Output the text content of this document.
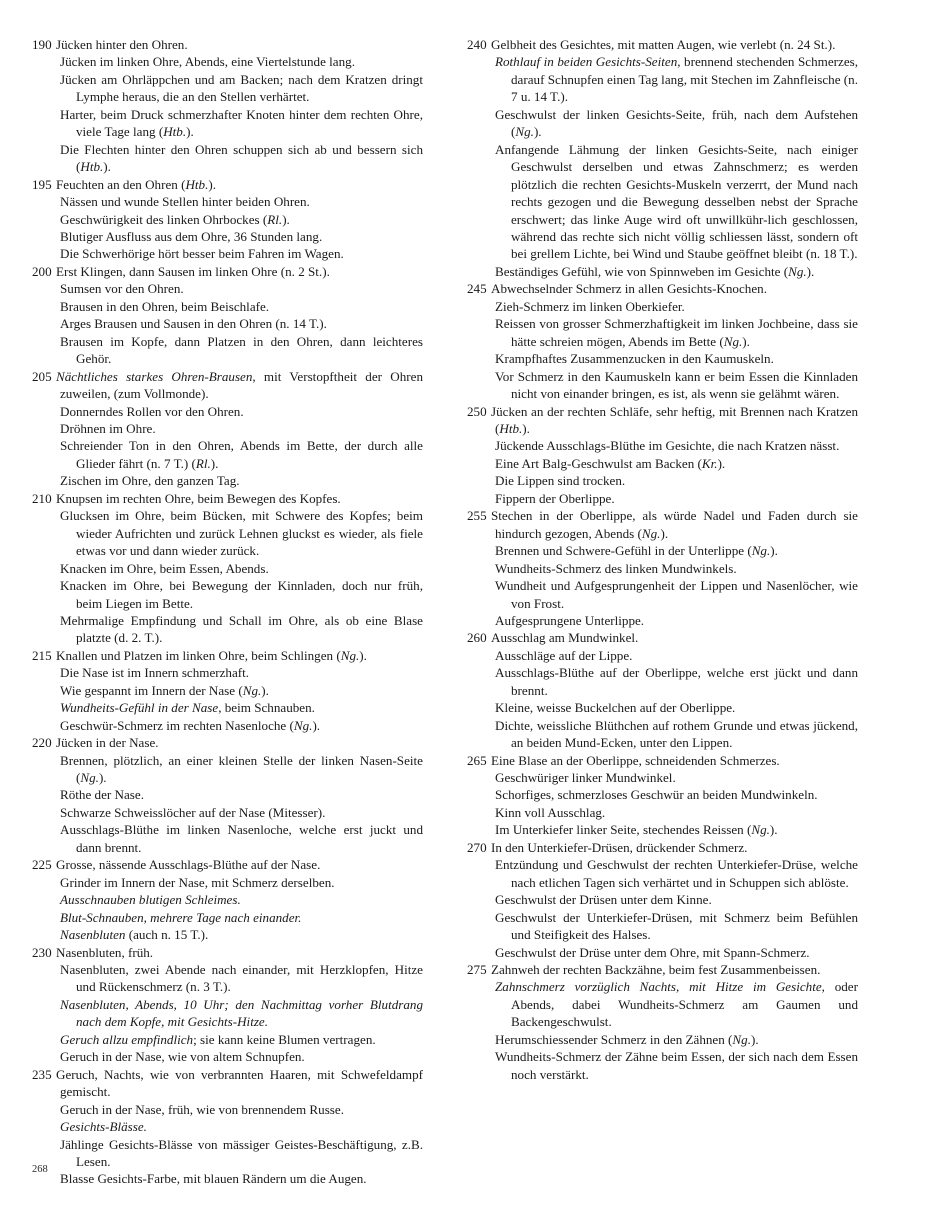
190 Jücken hinter den Ohren.

Jücken im linken Ohre, Abends, eine Viertelstunde lang.

Jücken am Ohrläppchen und am Backen; nach dem Kratzen dringt Lymphe heraus, die an den Stellen verhärtet.

Harter, beim Druck schmerzhafter Knoten hinter dem rechten Ohre, viele Tage lang (Htb.).

Die Flechten hinter den Ohren schuppen sich ab und bessern sich (Htb.).

195 Feuchten an den Ohren (Htb.).

Nässen und wunde Stellen hinter beiden Ohren.

Geschwürigkeit des linken Ohrbockes (Rl.).

Blutiger Ausfluss aus dem Ohre, 36 Stunden lang.

Die Schwerhörige hört besser beim Fahren im Wagen.

200 Erst Klingen, dann Sausen im linken Ohre (n. 2 St.).

Sumsen vor den Ohren.

Brausen in den Ohren, beim Beischlafe.

Arges Brausen und Sausen in den Ohren (n. 14 T.).

Brausen im Kopfe, dann Platzen in den Ohren, dann leichteres Gehör.

205 Nächtliches starkes Ohren-Brausen, mit Verstopftheit der Ohren zuweilen, (zum Vollmonde).

Donnerndes Rollen vor den Ohren.

Dröhnen im Ohre.

Schreiender Ton in den Ohren, Abends im Bette, der durch alle Glieder fährt (n. 7 T.) (Rl.).

Zischen im Ohre, den ganzen Tag.

210 Knupsen im rechten Ohre, beim Bewegen des Kopfes.

Glucksen im Ohre, beim Bücken, mit Schwere des Kopfes; beim wieder Aufrichten und zurück Lehnen gluckst es wieder, als fiele etwas vor und dann wieder zurück.

Knacken im Ohre, beim Essen, Abends.

Knacken im Ohre, bei Bewegung der Kinnladen, doch nur früh, beim Liegen im Bette.

Mehrmalige Empfindung und Schall im Ohre, als ob eine Blase platzte (d. 2. T.).

215 Knallen und Platzen im linken Ohre, beim Schlingen (Ng.).

Die Nase ist im Innern schmerzhaft.

Wie gespannt im Innern der Nase (Ng.).

Wundheits-Gefühl in der Nase, beim Schnauben.

Geschwür-Schmerz im rechten Nasenloche (Ng.).

220 Jücken in der Nase.

Brennen, plötzlich, an einer kleinen Stelle der linken Nasen-Seite (Ng.).

Röthe der Nase.

Schwarze Schweisslöcher auf der Nase (Mitesser).

Ausschlags-Blüthe im linken Nasenloche, welche erst juckt und dann brennt.

225 Grosse, nässende Ausschlags-Blüthe auf der Nase.

Grinder im Innern der Nase, mit Schmerz derselben.

Ausschnauben blutigen Schleimes.

Blut-Schnauben, mehrere Tage nach einander.

Nasenbluten (auch n. 15 T.).

230 Nasenbluten, früh.

Nasenbluten, zwei Abende nach einander, mit Herzklopfen, Hitze und Rückenschmerz (n. 3 T.).

Nasenbluten, Abends, 10 Uhr; den Nachmittag vorher Blutdrang nach dem Kopfe, mit Gesichts-Hitze.

Geruch allzu empfindlich; sie kann keine Blumen vertragen.

Geruch in der Nase, wie von altem Schnupfen.

235 Geruch, Nachts, wie von verbrannten Haaren, mit Schwefeldampf gemischt.

Geruch in der Nase, früh, wie von brennendem Russe.

Gesichts-Blässe.

Jählinge Gesichts-Blässe von mässiger Geistes-Beschäftigung, z.B. Lesen.

Blasse Gesichts-Farbe, mit blauen Rändern um die Augen.

240 Gelbheit des Gesichtes, mit matten Augen, wie verlebt (n. 24 St.).

Rothlauf in beiden Gesichts-Seiten, brennend stechenden Schmerzes, darauf Schnupfen einen Tag lang, mit Stechen im Zahnfleische (n. 7 u. 14 T.).

Geschwulst der linken Gesichts-Seite, früh, nach dem Aufstehen (Ng.).

Anfangende Lähmung der linken Gesichts-Seite, nach einiger Geschwulst derselben und etwas Zahnschmerz; es werden plötzlich die rechten Gesichts-Muskeln verzerrt, der Mund nach rechts gezogen und die Bewegung desselben nebst der Sprache erschwert; das linke Auge wird oft unwillkühr-lich geschlossen, während das rechte sich nicht völlig schliessen lässt, sondern oft bei grellem Lichte, bei Wind und Staube geöffnet bleibt (n. 18 T.).

Beständiges Gefühl, wie von Spinnweben im Gesichte (Ng.).

245 Abwechselnder Schmerz in allen Gesichts-Knochen.

Zieh-Schmerz im linken Oberkiefer.

Reissen von grosser Schmerzhaftigkeit im linken Jochbeine, dass sie hätte schreien mögen, Abends im Bette (Ng.).

Krampfhaftes Zusammenzucken in den Kaumuskeln.

Vor Schmerz in den Kaumuskeln kann er beim Essen die Kinnladen nicht von einander bringen, es ist, als wenn sie gelähmt wären.

250 Jücken an der rechten Schläfe, sehr heftig, mit Brennen nach Kratzen (Htb.).

Jückende Ausschlags-Blüthe im Gesichte, die nach Kratzen nässt.

Eine Art Balg-Geschwulst am Backen (Kr.).

Die Lippen sind trocken.

Fippern der Oberlippe.

255 Stechen in der Oberlippe, als würde Nadel und Faden durch sie hindurch gezogen, Abends (Ng.).

Brennen und Schwere-Gefühl in der Unterlippe (Ng.).

Wundheits-Schmerz des linken Mundwinkels.

Wundheit und Aufgesprungenheit der Lippen und Nasenlöcher, wie von Frost.

Aufgesprungene Unterlippe.

260 Ausschlag am Mundwinkel.

Ausschläge auf der Lippe.

Ausschlags-Blüthe auf der Oberlippe, welche erst jückt und dann brennt.

Kleine, weisse Buckelchen auf der Oberlippe.

Dichte, weissliche Blüthchen auf rothem Grunde und etwas jückend, an beiden Mund-Ecken, unter den Lippen.

265 Eine Blase an der Oberlippe, schneidenden Schmerzes.

Geschwüriger linker Mundwinkel.

Schorfiges, schmerzloses Geschwür an beiden Mundwinkeln.

Kinn voll Ausschlag.

Im Unterkiefer linker Seite, stechendes Reissen (Ng.).

270 In den Unterkiefer-Drüsen, drückender Schmerz.

Entzündung und Geschwulst der rechten Unterkiefer-Drüse, welche nach etlichen Tagen sich verhärtet und in Schuppen sich ablöste.

Geschwulst der Drüsen unter dem Kinne.

Geschwulst der Unterkiefer-Drüsen, mit Schmerz beim Befühlen und Steifigkeit des Halses.

Geschwulst der Drüse unter dem Ohre, mit Spann-Schmerz.

275 Zahnweh der rechten Backzähne, beim fest Zusammenbeissen.

Zahnschmerz vorzüglich Nachts, mit Hitze im Gesichte, oder Abends, dabei Wundheits-Schmerz am Gaumen und Backengeschwulst.

Herumschiessender Schmerz in den Zähnen (Ng.).

Wundheits-Schmerz der Zähne beim Essen, der sich nach dem Essen noch verstärkt.

268
